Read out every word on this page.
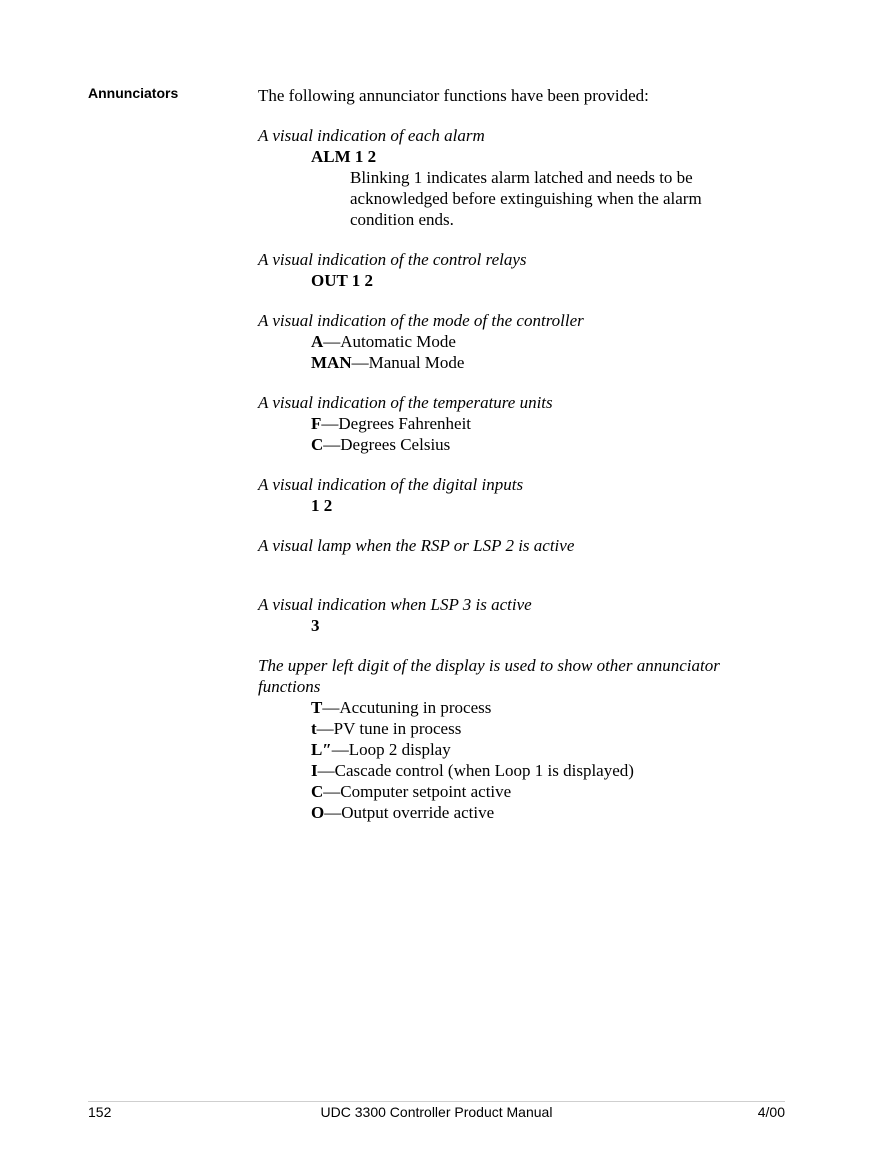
Annunciators	The following annunciator functions have been provided:
A visual indication of each alarm
ALM 1 2
Blinking 1 indicates alarm latched and needs to be
acknowledged before extinguishing when the alarm
condition ends.
A visual indication of the control relays
OUT 1 2
A visual indication of the mode of the controller
A—Automatic Mode
MAN—Manual Mode
A visual indication of the temperature units
F—Degrees Fahrenheit
C—Degrees Celsius
A visual indication of the digital inputs
1 2
A visual lamp when the RSP or LSP 2 is active
A visual indication when LSP 3 is active
3
The upper left digit of the display is used to show other annunciator
functions
T—Accutuning in process
t—PV tune in process
L″—Loop 2 display
I—Cascade control (when Loop 1 is displayed)
C—Computer setpoint active
O—Output override active
152	UDC 3300 Controller Product Manual	4/00
